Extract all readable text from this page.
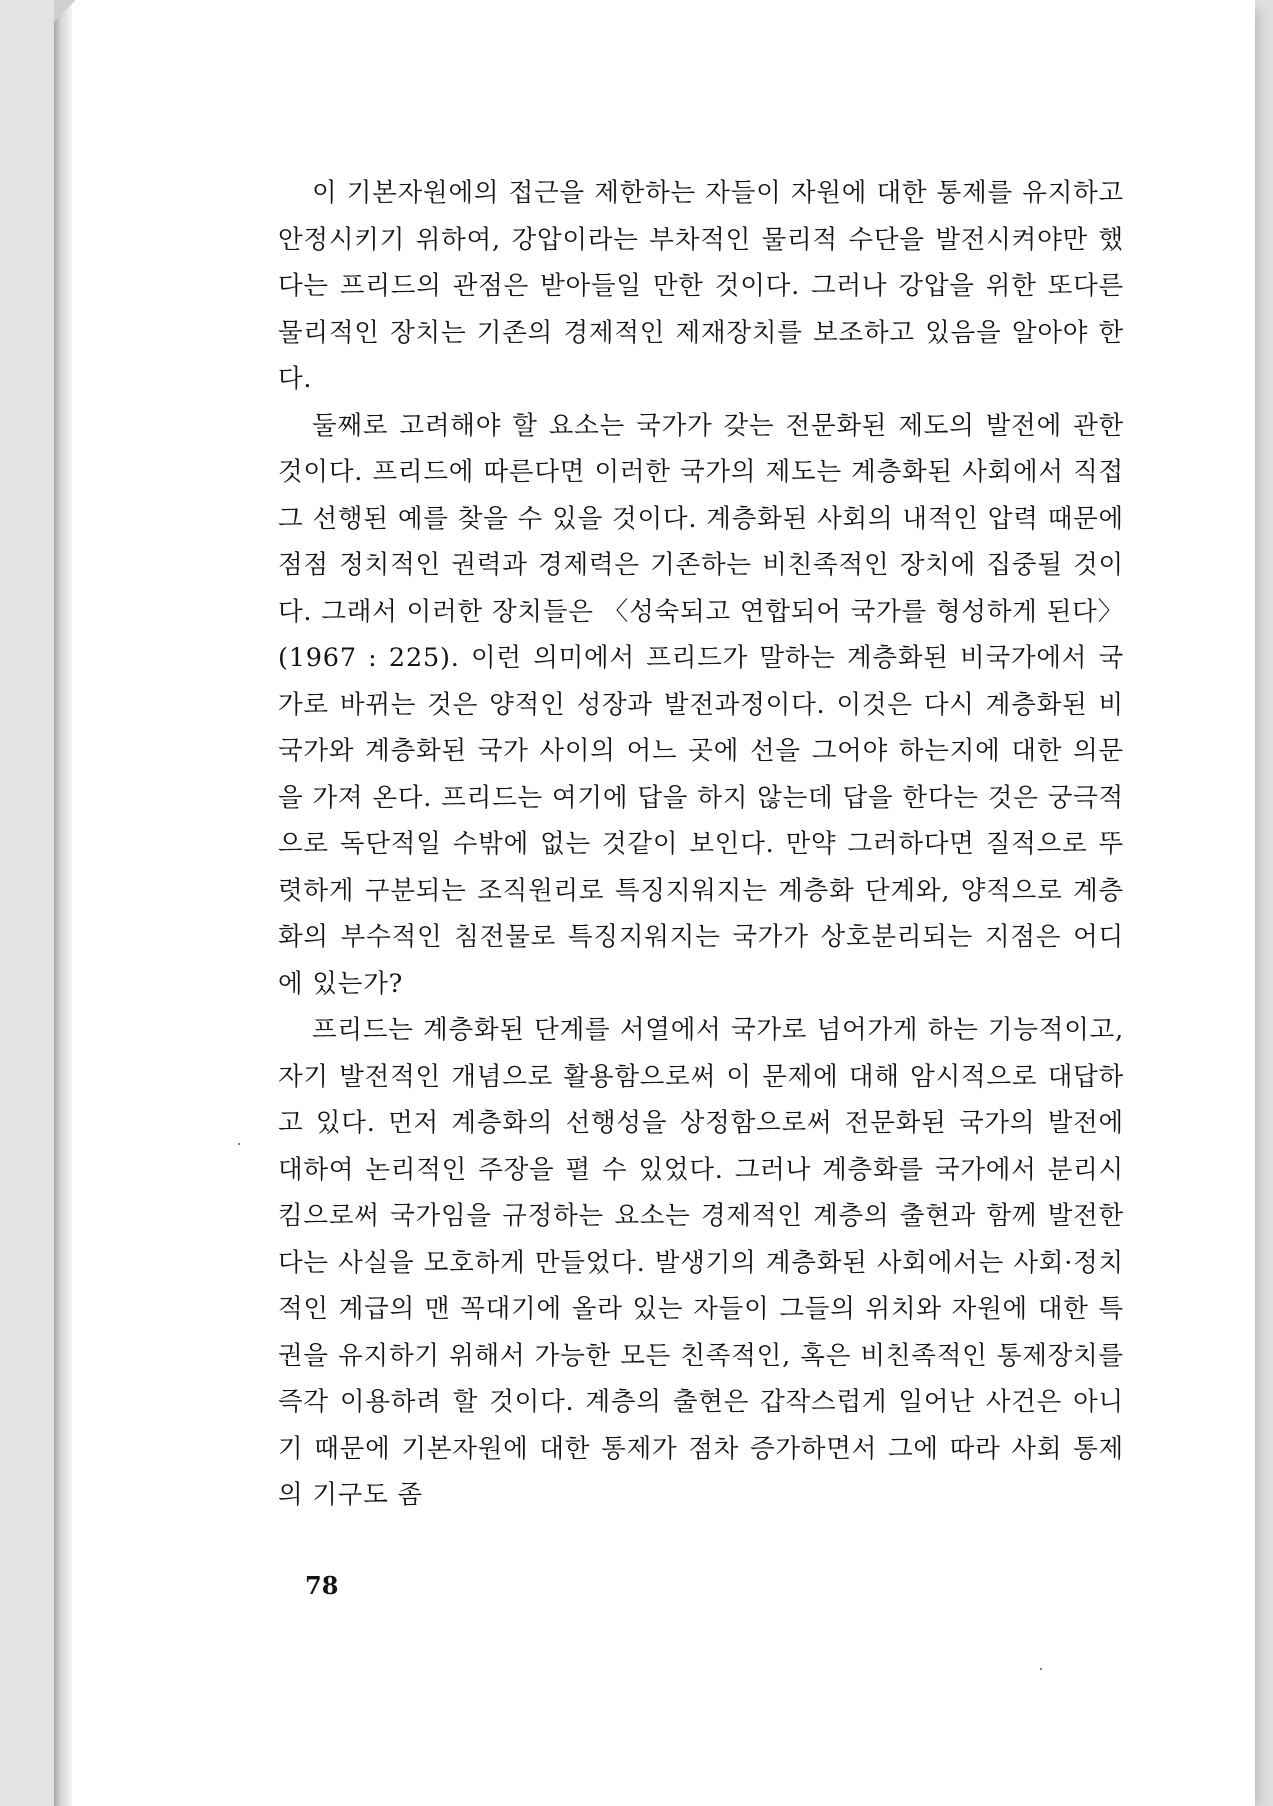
이 기본자원에의 접근을 제한하는 자들이 자원에 대한 통제를 유지하고 안정시키기 위하여, 강압이라는 부차적인 물리적 수단을 발전시켜야만 했다는 프리드의 관점은 받아들일 만한 것이다. 그러나 강압을 위한 또다른 물리적인 장치는 기존의 경제적인 제재장치를 보조하고 있음을 알아야 한다.

둘째로 고려해야 할 요소는 국가가 갖는 전문화된 제도의 발전에 관한 것이다. 프리드에 따른다면 이러한 국가의 제도는 계층화된 사회에서 직접 그 선행된 예를 찾을 수 있을 것이다. 계층화된 사회의 내적인 압력 때문에 점점 정치적인 권력과 경제력은 기존하는 비친족적인 장치에 집중될 것이다. 그래서 이러한 장치들은 〈성숙되고 연합되어 국가를 형성하게 된다〉(1967 : 225). 이런 의미에서 프리드가 말하는 계층화된 비국가에서 국가로 바뀌는 것은 양적인 성장과 발전과정이다. 이것은 다시 계층화된 비국가와 계층화된 국가 사이의 어느 곳에 선을 그어야 하는지에 대한 의문을 가져 온다. 프리드는 여기에 답을 하지 않는데 답을 한다는 것은 궁극적으로 독단적일 수밖에 없는 것같이 보인다. 만약 그러하다면 질적으로 뚜렷하게 구분되는 조직원리로 특징지워지는 계층화 단계와, 양적으로 계층화의 부수적인 침전물로 특징지워지는 국가가 상호분리되는 지점은 어디에 있는가?

프리드는 계층화된 단계를 서열에서 국가로 넘어가게 하는 기능적이고, 자기 발전적인 개념으로 활용함으로써 이 문제에 대해 암시적으로 대답하고 있다. 먼저 계층화의 선행성을 상정함으로써 전문화된 국가의 발전에 대하여 논리적인 주장을 펼 수 있었다. 그러나 계층화를 국가에서 분리시킴으로써 국가임을 규정하는 요소는 경제적인 계층의 출현과 함께 발전한다는 사실을 모호하게 만들었다. 발생기의 계층화된 사회에서는 사회·정치적인 계급의 맨 꼭대기에 올라 있는 자들이 그들의 위치와 자원에 대한 특권을 유지하기 위해서 가능한 모든 친족적인, 혹은 비친족적인 통제장치를 즉각 이용하려 할 것이다. 계층의 출현은 갑작스럽게 일어난 사건은 아니기 때문에 기본자원에 대한 통제가 점차 증가하면서 그에 따라 사회 통제의 기구도 좀

78
